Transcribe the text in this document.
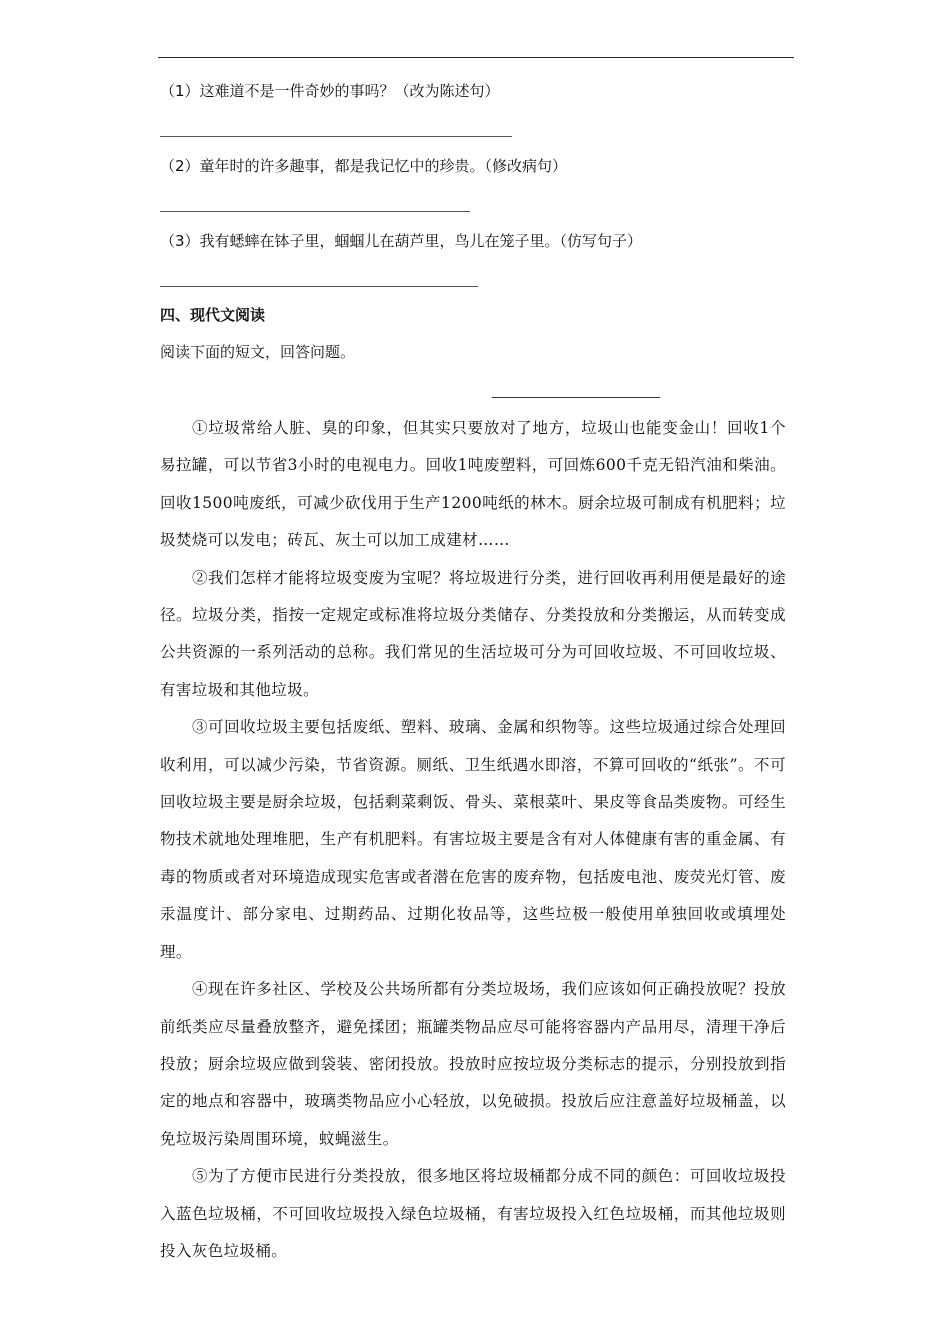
（1）这难道不是一件奇妙的事吗？（改为陈述句）
（2）童年时的许多趣事，都是我记忆中的珍贵。（修改病句）
（3）我有蟋蟀在钵子里，蝈蝈儿在葫芦里，鸟儿在笼子里。（仿写句子）
四、现代文阅读
阅读下面的短文，回答问题。

①垃圾常给人脏、臭的印象，但其实只要放对了地方，垃圾山也能变金山！回收1个易拉罐，可以节省3小时的电视电力。回收1吨废塑料，可回炼600千克无铅汽油和柴油。回收1500吨废纸，可减少砍伐用于生产1200吨纸的林木。厨余垃圾可制成有机肥料；垃圾焚烧可以发电；砖瓦、灰土可以加工成建材……

②我们怎样才能将垃圾变废为宝呢？将垃圾进行分类，进行回收再利用便是最好的途径。垃圾分类，指按一定规定或标准将垃圾分类储存、分类投放和分类搬运，从而转变成公共资源的一系列活动的总称。我们常见的生活垃圾可分为可回收垃圾、不可回收垃圾、有害垃圾和其他垃圾。

③可回收垃圾主要包括废纸、塑料、玻璃、金属和织物等。这些垃圾通过综合处理回收利用，可以减少污染，节省资源。厕纸、卫生纸遇水即溶，不算可回收的“纸张”。不可回收垃圾主要是厨余垃圾，包括剩菜剩饭、骨头、菜根菜叶、果皮等食品类废物。可经生物技术就地处理堆肥，生产有机肥料。有害垃圾主要是含有对人体健康有害的重金属、有毒的物质或者对环境造成现实危害或者潜在危害的废弃物，包括废电池、废荧光灯管、废汞温度计、部分家电、过期药品、过期化妆品等，这些垃极一般使用单独回收或填埋处理。

④现在许多社区、学校及公共场所都有分类垃圾场，我们应该如何正确投放呢？投放前纸类应尽量叠放整齐，避免揉团；瓶罐类物品应尽可能将容器内产品用尽，清理干净后投放；厨余垃圾应做到袋装、密闭投放。投放时应按垃圾分类标志的提示，分别投放到指定的地点和容器中，玻璃类物品应小心轻放，以免破损。投放后应注意盖好垃圾桶盖，以免垃圾污染周围环境，蚊蝇滋生。

⑤为了方便市民进行分类投放，很多地区将垃圾桶都分成不同的颜色：可回收垃圾投入蓝色垃圾桶，不可回收垃圾投入绿色垃圾桶，有害垃圾投入红色垃圾桶，而其他垃圾则投入灰色垃圾桶。
